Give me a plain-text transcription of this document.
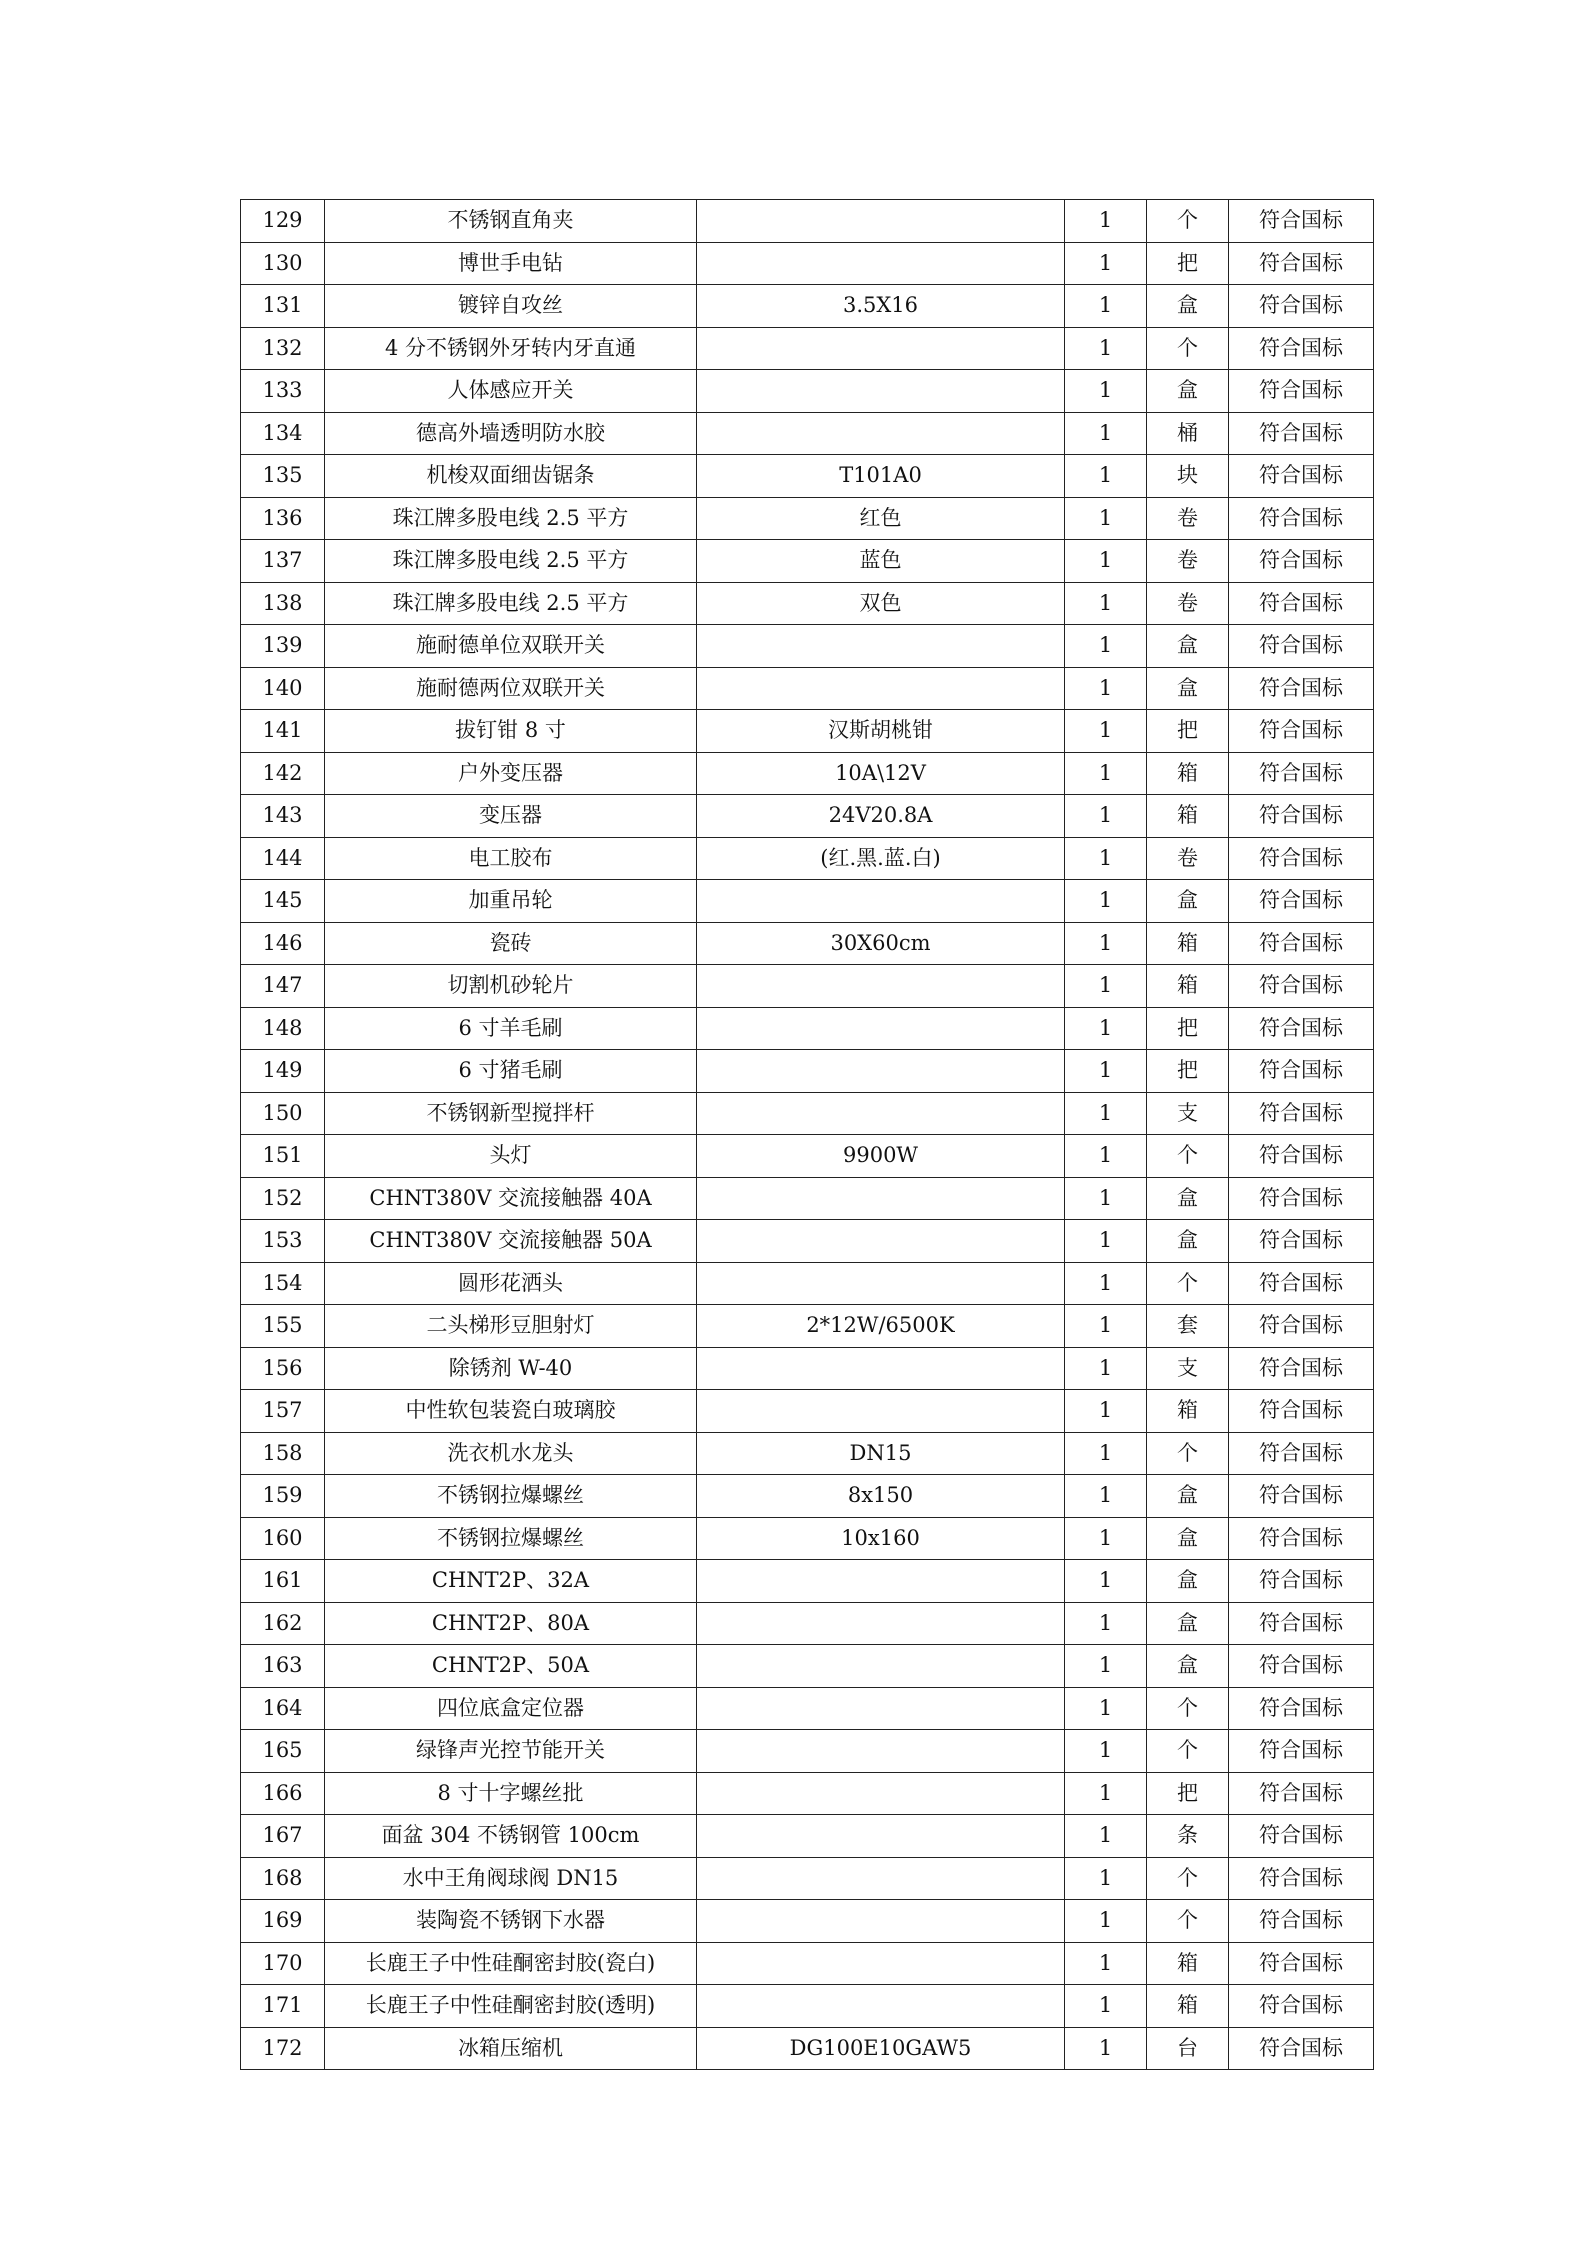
129	不锈钢直角夹		1	个	符合国标
130	博世手电钻		1	把	符合国标
131	镀锌自攻丝	3.5X16	1	盒	符合国标
132	4 分不锈钢外牙转内牙直通		1	个	符合国标
133	人体感应开关		1	盒	符合国标
134	德高外墙透明防水胶		1	桶	符合国标
135	机梭双面细齿锯条	T101A0	1	块	符合国标
136	珠江牌多股电线 2.5 平方	红色	1	卷	符合国标
137	珠江牌多股电线 2.5 平方	蓝色	1	卷	符合国标
138	珠江牌多股电线 2.5 平方	双色	1	卷	符合国标
139	施耐德单位双联开关		1	盒	符合国标
140	施耐德两位双联开关		1	盒	符合国标
141	拔钉钳 8 寸	汉斯胡桃钳	1	把	符合国标
142	户外变压器	10A\12V	1	箱	符合国标
143	变压器	24V20.8A	1	箱	符合国标
144	电工胶布	(红.黑.蓝.白)	1	卷	符合国标
145	加重吊轮		1	盒	符合国标
146	瓷砖	30X60cm	1	箱	符合国标
147	切割机砂轮片		1	箱	符合国标
148	6 寸羊毛刷		1	把	符合国标
149	6 寸猪毛刷		1	把	符合国标
150	不锈钢新型搅拌杆		1	支	符合国标
151	头灯	9900W	1	个	符合国标
152	CHNT380V 交流接触器 40A		1	盒	符合国标
153	CHNT380V 交流接触器 50A		1	盒	符合国标
154	圆形花洒头		1	个	符合国标
155	二头梯形豆胆射灯	2*12W/6500K	1	套	符合国标
156	除锈剂 W-40		1	支	符合国标
157	中性软包装瓷白玻璃胶		1	箱	符合国标
158	洗衣机水龙头	DN15	1	个	符合国标
159	不锈钢拉爆螺丝	8x150	1	盒	符合国标
160	不锈钢拉爆螺丝	10x160	1	盒	符合国标
161	CHNT2P、32A		1	盒	符合国标
162	CHNT2P、80A		1	盒	符合国标
163	CHNT2P、50A		1	盒	符合国标
164	四位底盒定位器		1	个	符合国标
165	绿锋声光控节能开关		1	个	符合国标
166	8 寸十字螺丝批		1	把	符合国标
167	面盆 304 不锈钢管 100cm		1	条	符合国标
168	水中王角阀球阀 DN15		1	个	符合国标
169	装陶瓷不锈钢下水器		1	个	符合国标
170	长鹿王子中性硅酮密封胶(瓷白)		1	箱	符合国标
171	长鹿王子中性硅酮密封胶(透明)		1	箱	符合国标
172	冰箱压缩机	DG100E10GAW5	1	台	符合国标
